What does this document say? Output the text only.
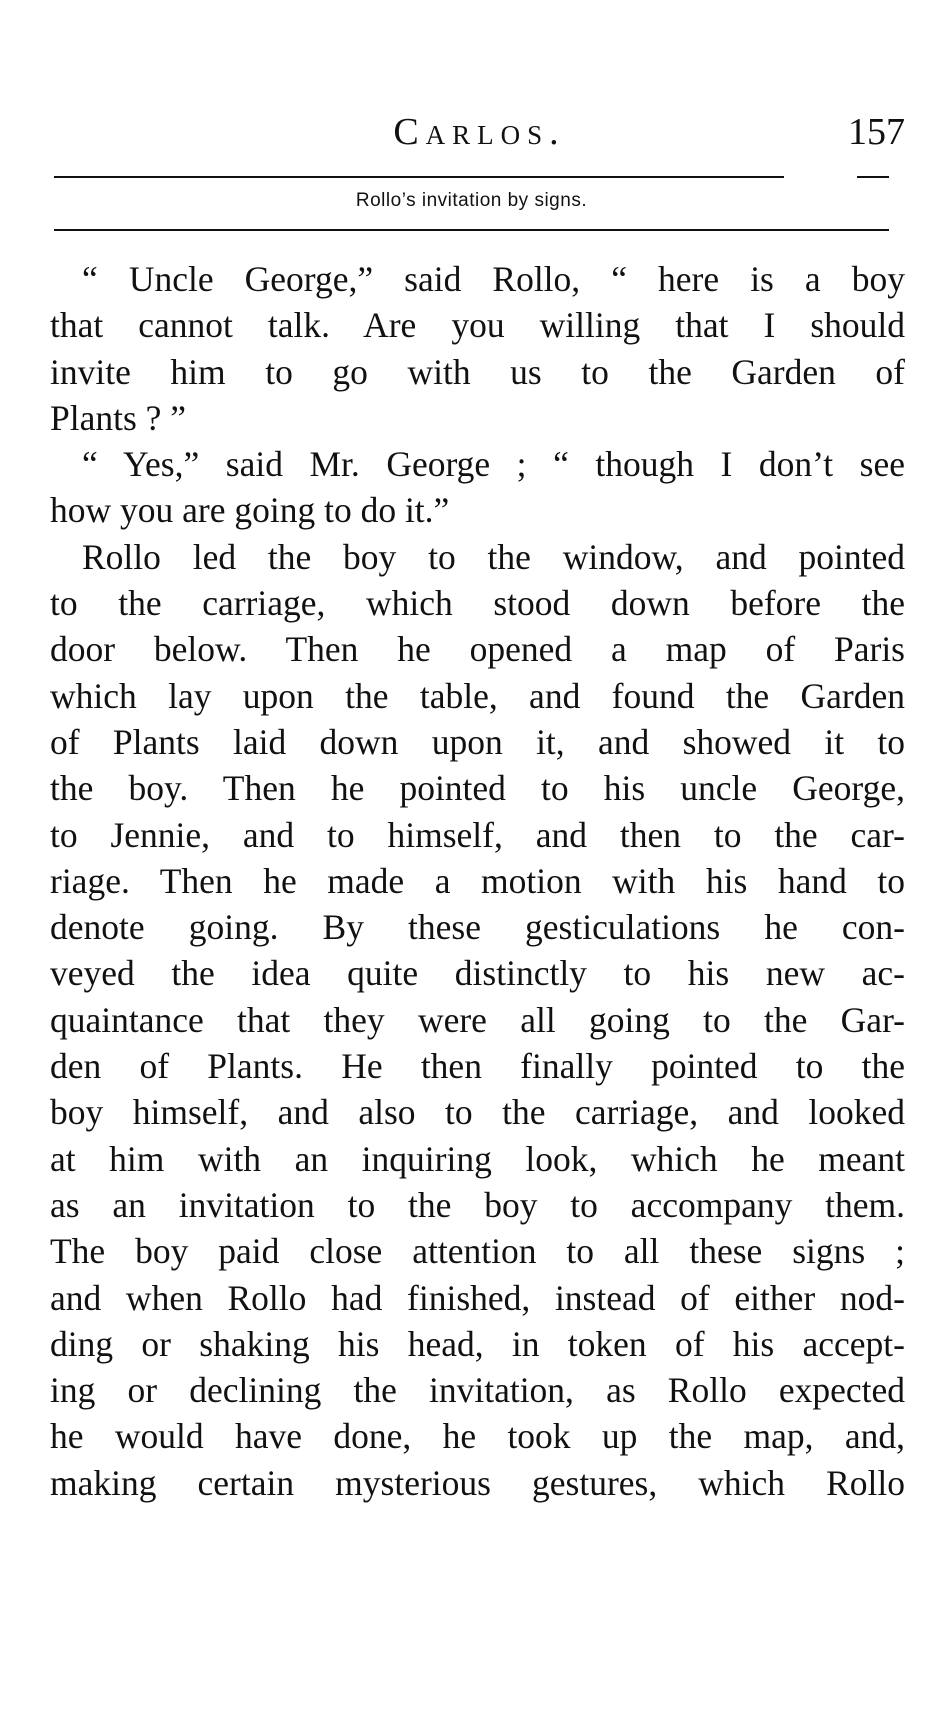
Carlos.	157
Rollo’s invitation by signs.
“ Uncle George,” said Rollo, “ here is a boy
that cannot talk. Are you willing that I should
invite him to go with us to the Garden of
Plants ? ”
“ Yes,” said Mr. George ; “ though I don’t see
how you are going to do it.”
Rollo led the boy to the window, and pointed
to the carriage, which stood down before the
door below. Then he opened a map of Paris
which lay upon the table, and found the Garden
of Plants laid down upon it, and showed it to
the boy. Then he pointed to his uncle George,
to Jennie, and to himself, and then to the car-
riage. Then he made a motion with his hand to
denote going. By these gesticulations he con-
veyed the idea quite distinctly to his new ac-
quaintance that they were all going to the Gar-
den of Plants. He then finally pointed to the
boy himself, and also to the carriage, and looked
at him with an inquiring look, which he meant
as an invitation to the boy to accompany them.
The boy paid close attention to all these signs ;
and when Rollo had finished, instead of either nod-
ding or shaking his head, in token of his accept-
ing or declining the invitation, as Rollo expected
he would have done, he took up the map, and,
making certain mysterious gestures, which Rollo
